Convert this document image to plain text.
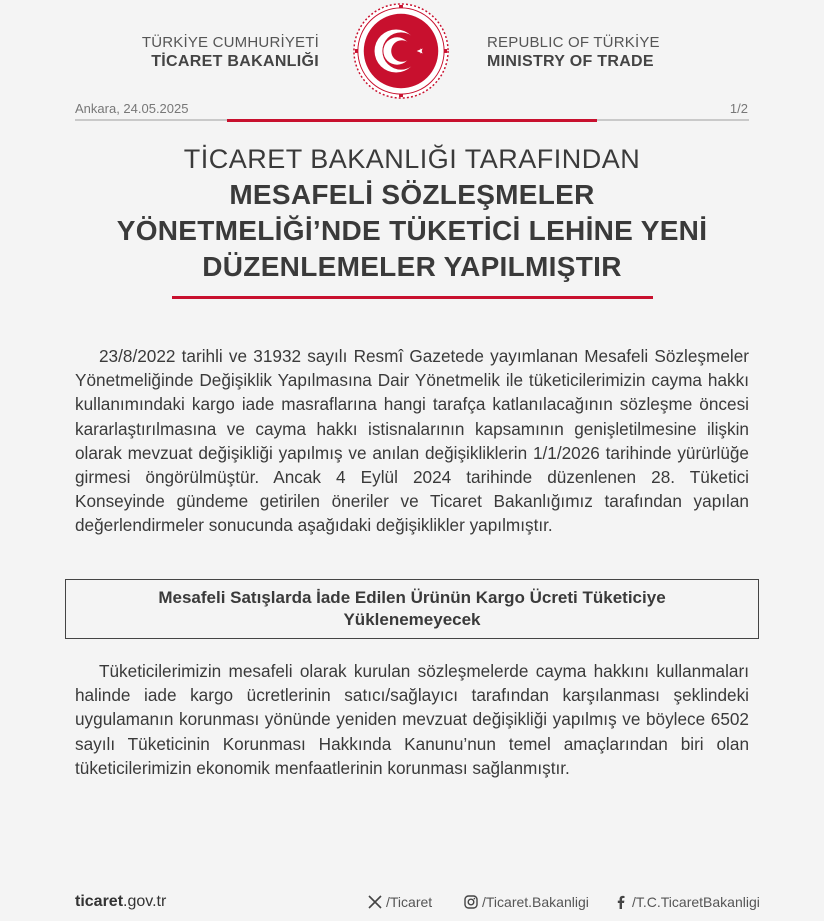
TÜRKİYE CUMHURİYETİ
TİCARET BAKANLIĞI
REPUBLIC OF TÜRKİYE
MINISTRY OF TRADE
Ankara, 24.05.2025	1/2
TİCARET BAKANLIĞI TARAFINDAN
MESAFELİ SÖZLEŞMELER
YÖNETMELİĞİ’NDE TÜKETİCİ LEHİNE YENİ
DÜZENLEMELER YAPILMIŞTIR

23/8/2022 tarihli ve 31932 sayılı Resmî Gazetede yayımlanan Mesafeli Sözleşmeler Yönetmeliğinde Değişiklik Yapılmasına Dair Yönetmelik ile tüketicilerimizin cayma hakkı kullanımındaki kargo iade masraflarına hangi tarafça katlanılacağının sözleşme öncesi kararlaştırılmasına ve cayma hakkı istisnalarının kapsamının genişletilmesine ilişkin olarak mevzuat değişikliği yapılmış ve anılan değişikliklerin 1/1/2026 tarihinde yürürlüğe girmesi öngörülmüştür. Ancak 4 Eylül 2024 tarihinde düzenlenen 28. Tüketici Konseyinde gündeme getirilen öneriler ve Ticaret Bakanlığımız tarafından yapılan değerlendirmeler sonucunda aşağıdaki değişiklikler yapılmıştır.

Mesafeli Satışlarda İade Edilen Ürünün Kargo Ücreti Tüketiciye Yüklenemeyecek

Tüketicilerimizin mesafeli olarak kurulan sözleşmelerde cayma hakkını kullanmaları halinde iade kargo ücretlerinin satıcı/sağlayıcı tarafından karşılanması şeklindeki uygulamanın korunması yönünde yeniden mevzuat değişikliği yapılmış ve böylece 6502 sayılı Tüketicinin Korunması Hakkında Kanunu’nun temel amaçlarından biri olan tüketicilerimizin ekonomik menfaatlerinin korunması sağlanmıştır.

ticaret.gov.tr	/Ticaret	/Ticaret.Bakanligi	/T.C.TicaretBakanligi
